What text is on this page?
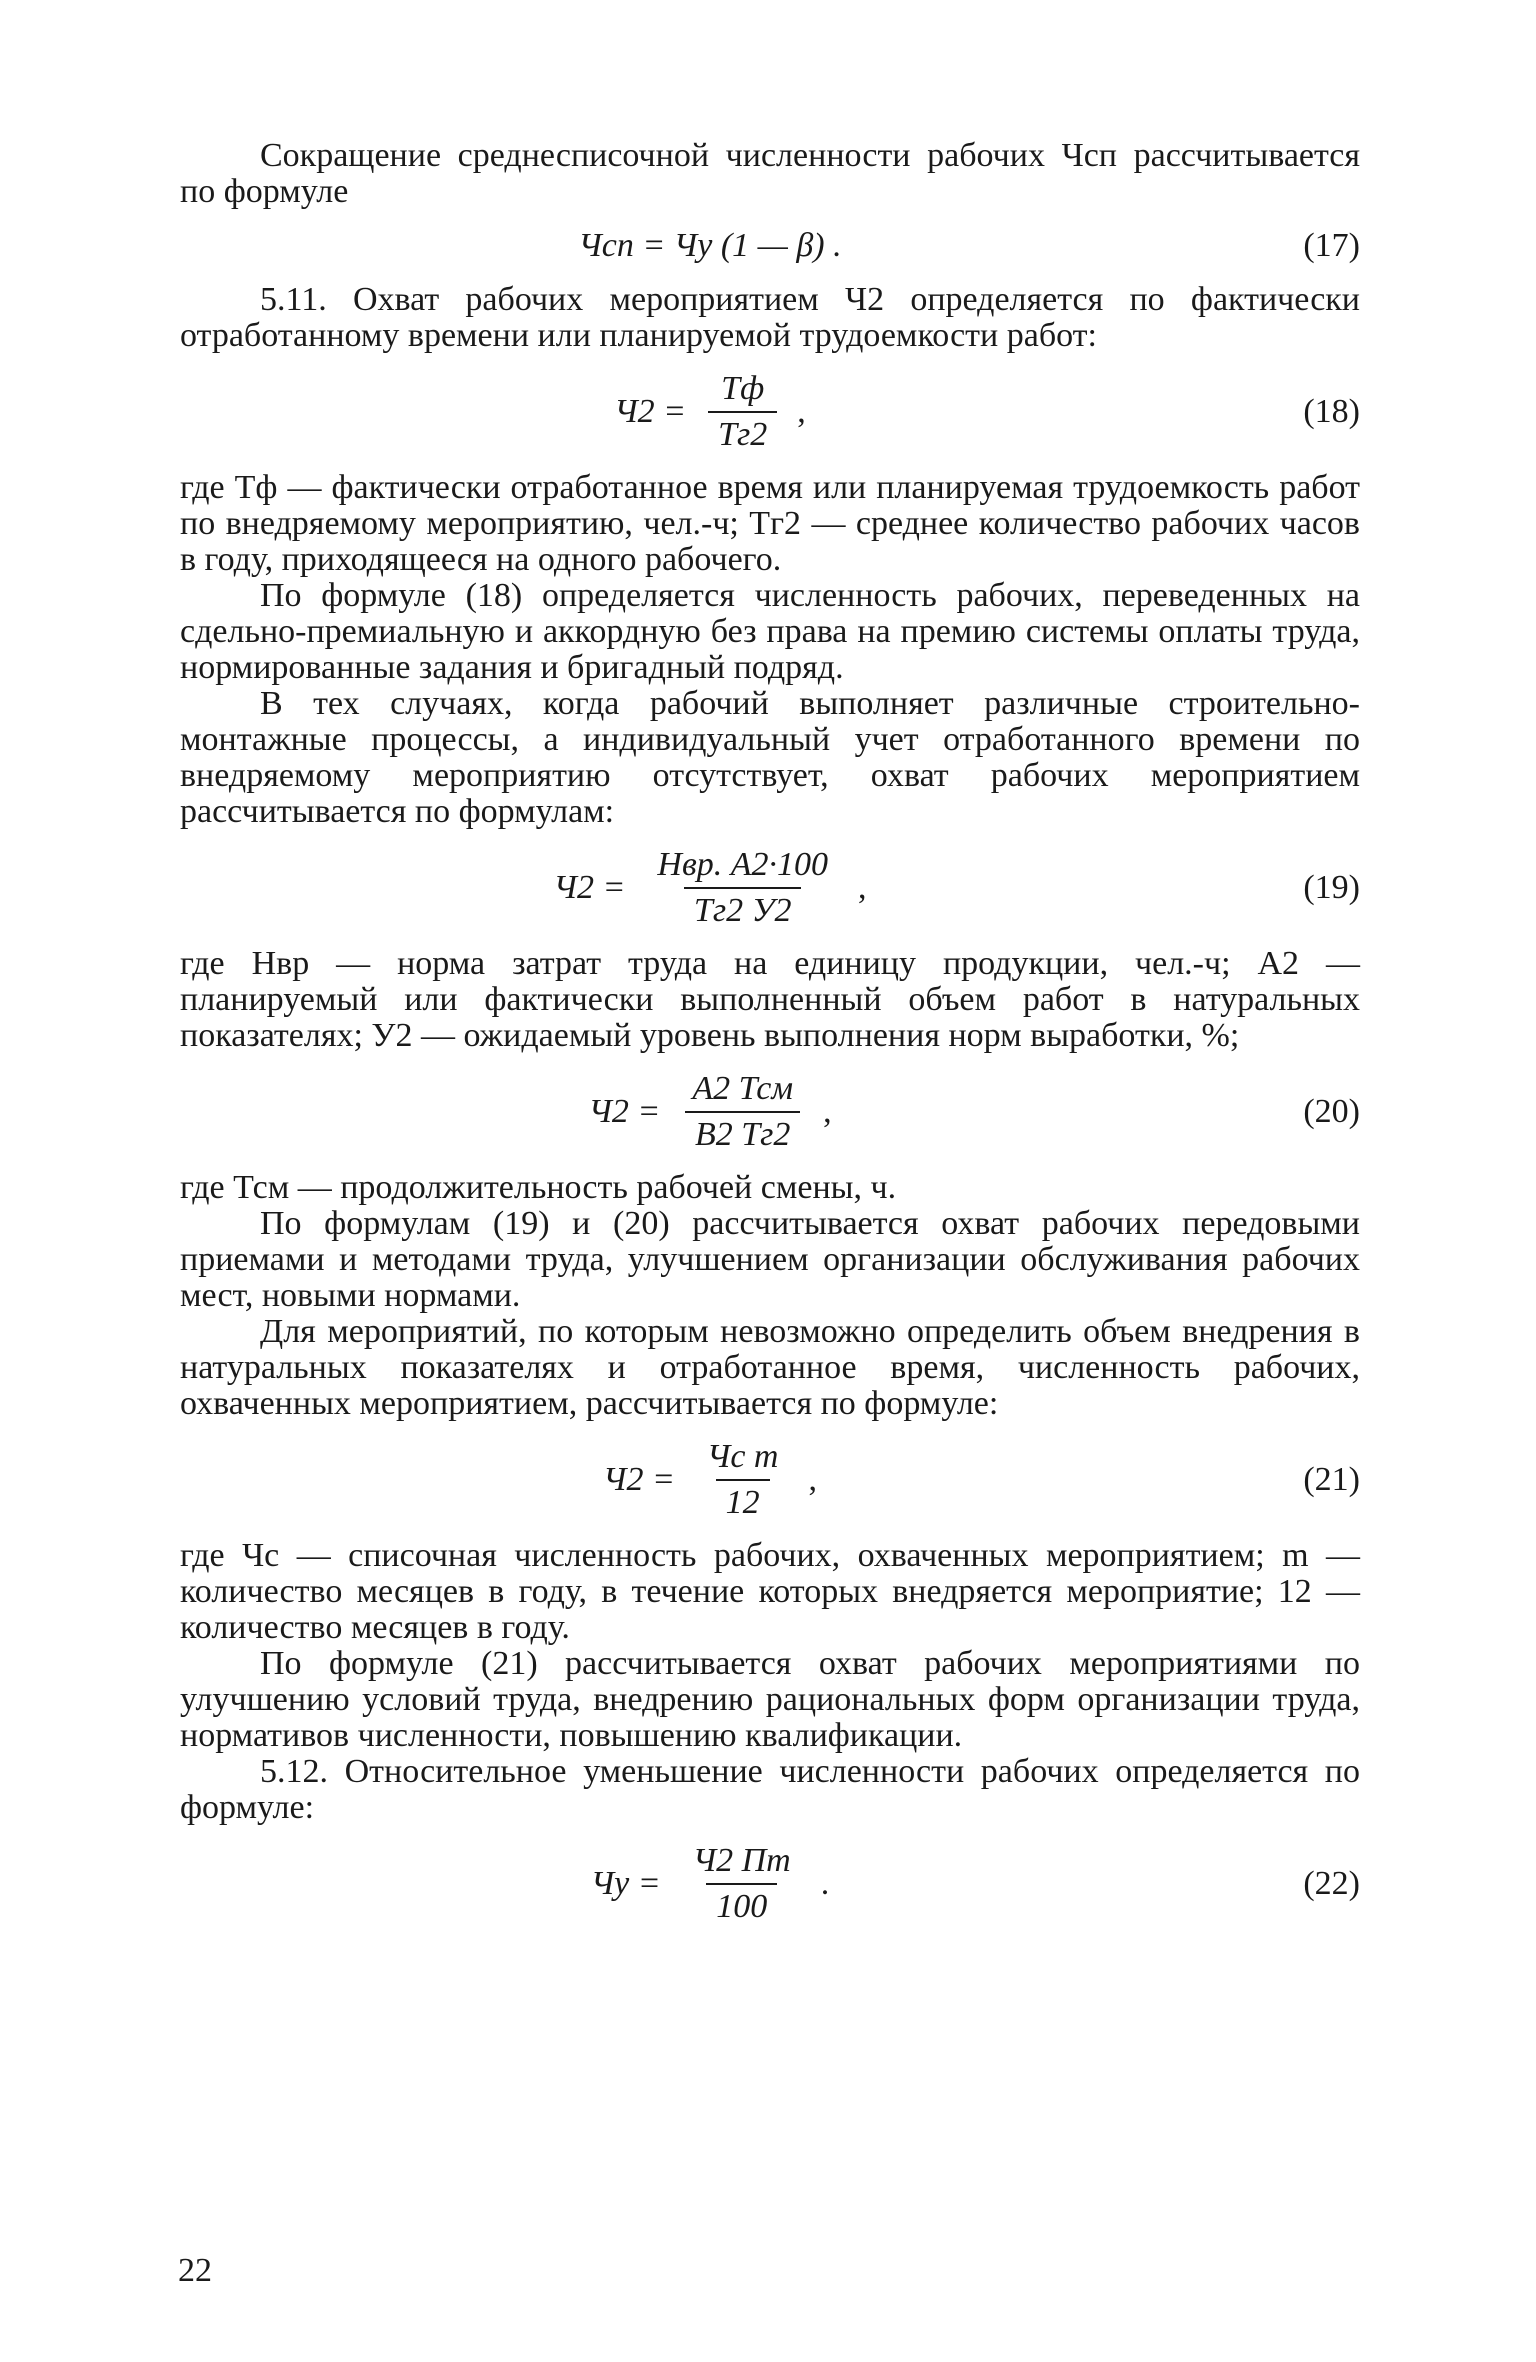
Сокращение среднесписочной численности рабочих Чсп рассчитывается по формуле

Чсп = Чу (1 — β) .	(17)

5.11. Охват рабочих мероприятием Ч2 определяется по фактически отработанному времени или планируемой трудоемкости работ:

Ч2 =
Тф
Тг2
,	(18)

где Тф — фактически отработанное время или планируемая трудоемкость работ по внедряемому мероприятию, чел.-ч; Тг2 — среднее количество рабочих часов в году, приходящееся на одного рабочего.

По формуле (18) определяется численность рабочих, переведенных на сдельно-премиальную и аккордную без права на премию системы оплаты труда, нормированные задания и бригадный подряд.

В тех случаях, когда рабочий выполняет различные строительно-монтажные процессы, а индивидуальный учет отработанного времени по внедряемому мероприятию отсутствует, охват рабочих мероприятием рассчитывается по формулам:

Ч2 =
Нвр. А2·100
Тг2 У2
,	(19)

где Нвр — норма затрат труда на единицу продукции, чел.-ч; А2 — планируемый или фактически выполненный объем работ в натуральных показателях; У2 — ожидаемый уровень выполнения норм выработки, %;

Ч2 =
А2 Тсм
В2 Тг2
,	(20)

где Тсм — продолжительность рабочей смены, ч.

По формулам (19) и (20) рассчитывается охват рабочих передовыми приемами и методами труда, улучшением организации обслуживания рабочих мест, новыми нормами.

Для мероприятий, по которым невозможно определить объем внедрения в натуральных показателях и отработанное время, численность рабочих, охваченных мероприятием, рассчитывается по формуле:

Ч2 =
Чс m
12
,	(21)

где Чс — списочная численность рабочих, охваченных мероприятием; m — количество месяцев в году, в течение которых внедряется мероприятие; 12 — количество месяцев в году.

По формуле (21) рассчитывается охват рабочих мероприятиями по улучшению условий труда, внедрению рациональных форм организации труда, нормативов численности, повышению квалификации.

5.12. Относительное уменьшение численности рабочих определяется по формуле:

Чу =
Ч2 Пт
100
.	(22)
22
